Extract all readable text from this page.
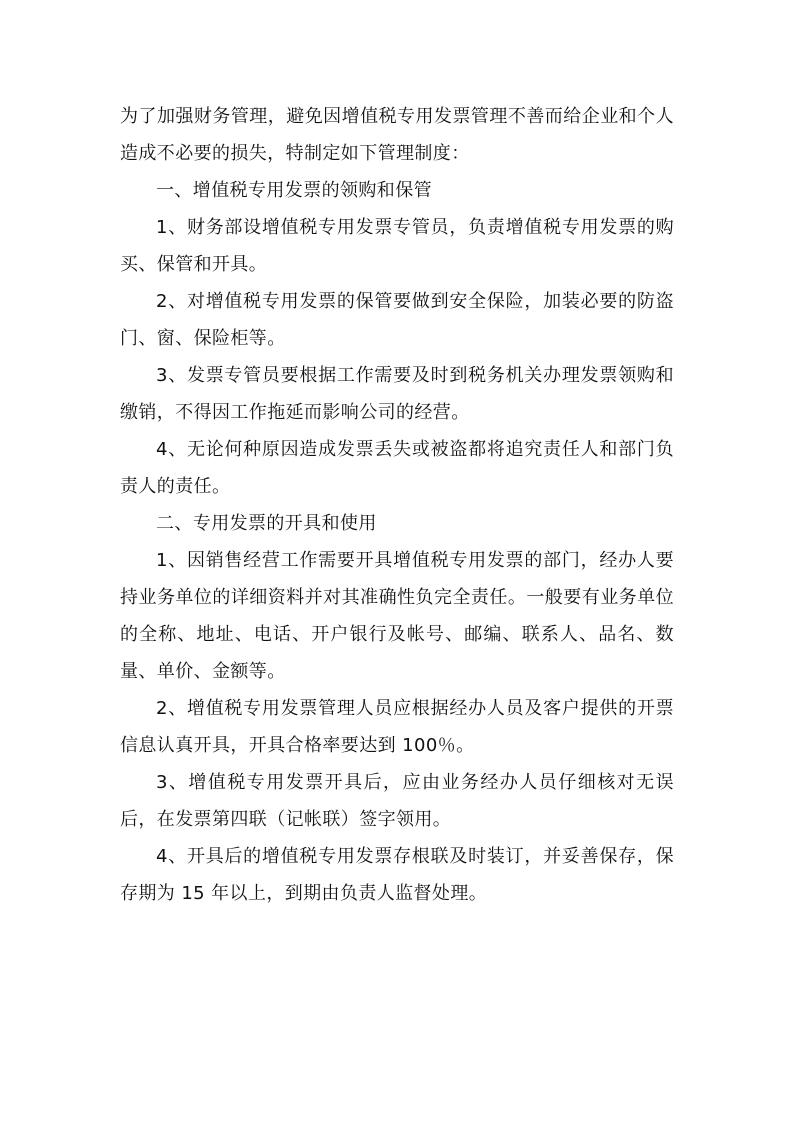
为了加强财务管理，避免因增值税专用发票管理不善而给企业和个人造成不必要的损失，特制定如下管理制度：

一、增值税专用发票的领购和保管

1、财务部设增值税专用发票专管员，负责增值税专用发票的购买、保管和开具。

2、对增值税专用发票的保管要做到安全保险，加装必要的防盗门、窗、保险柜等。

3、发票专管员要根据工作需要及时到税务机关办理发票领购和缴销，不得因工作拖延而影响公司的经营。

4、无论何种原因造成发票丢失或被盗都将追究责任人和部门负责人的责任。

二、专用发票的开具和使用

1、因销售经营工作需要开具增值税专用发票的部门，经办人要持业务单位的详细资料并对其准确性负完全责任。一般要有业务单位的全称、地址、电话、开户银行及帐号、邮编、联系人、品名、数量、单价、金额等。

2、增值税专用发票管理人员应根据经办人员及客户提供的开票信息认真开具，开具合格率要达到 100％。

3、增值税专用发票开具后，应由业务经办人员仔细核对无误后，在发票第四联（记帐联）签字领用。

4、开具后的增值税专用发票存根联及时装订，并妥善保存，保存期为 15 年以上，到期由负责人监督处理。
